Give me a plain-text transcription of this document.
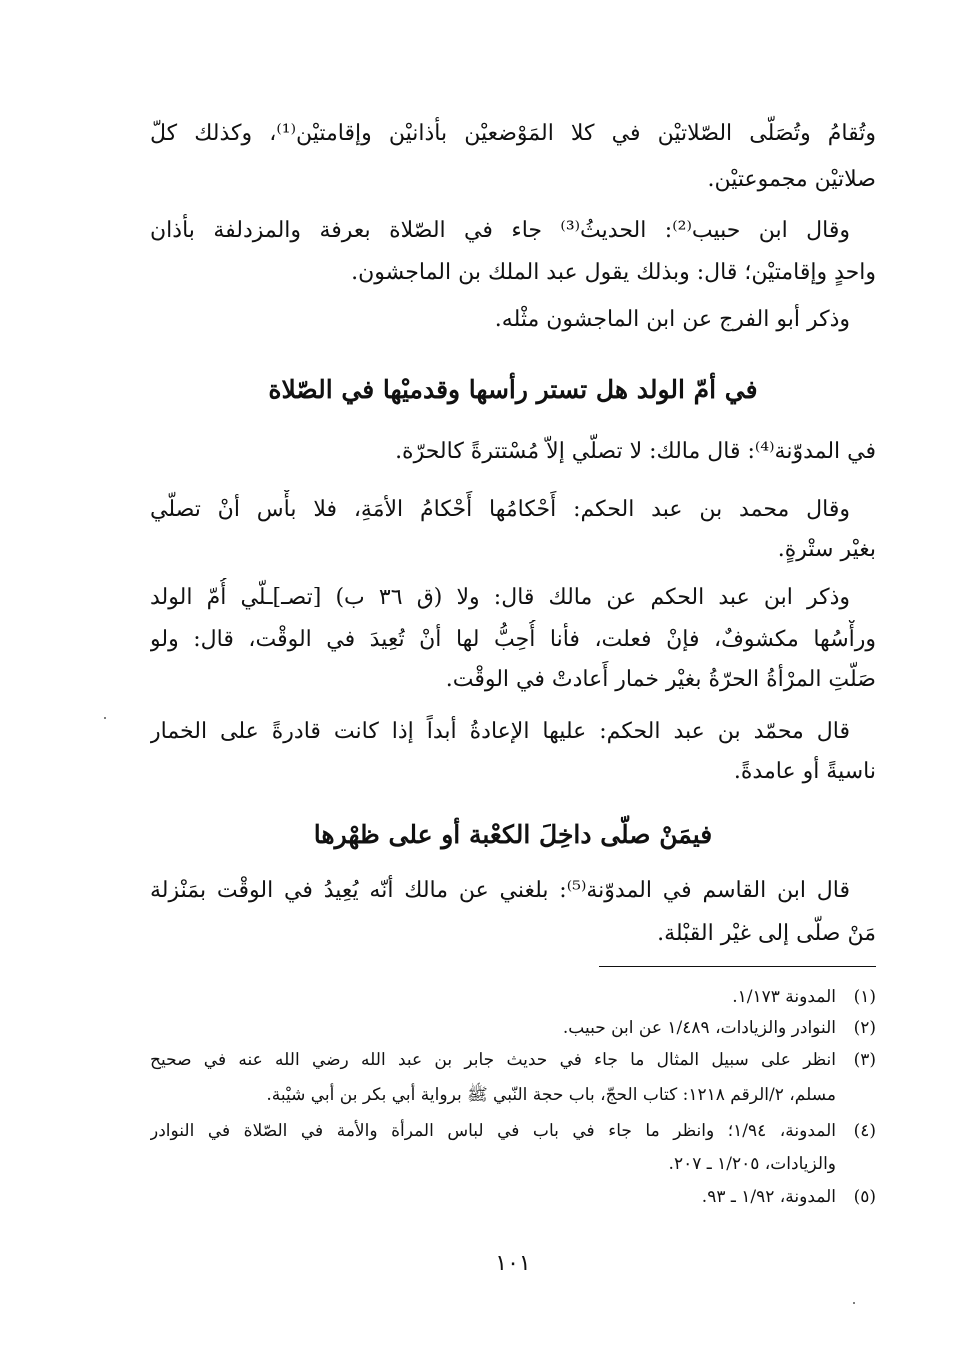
وتُقامُ وتُصَلّى الصّلاتيْن في كلا المَوْضعيْن بأذانيْن وإقامتيْن⁽¹⁾، وكذلك كلّ
صلاتيْن مجموعتيْن.
وقال ابن حبيب⁽²⁾: الحديثُ⁽³⁾ جاء في الصّلاة بعرفة والمزدلفة بأذان
واحدٍ وإقامتيْن؛ قال: وبذلك يقول عبد الملك بن الماجشون.
وذكر أبو الفرج عن ابن الماجشون مثْله.
في أمّ الولد هل تستر رأسها وقدميْها في الصّلاة
في المدوّنة⁽⁴⁾: قال مالك: لا تصلّي إلاّ مُسْتترةً كالحرّة.
وقال محمد بن عبد الحكم: أَحْكامُها أَحْكامُ الأمَةِ، فلا بأْس أنْ تصلّي
بغيْر ستْرةٍ.
وذكر ابن عبد الحكم عن مالك قال: ولا (ق ٣٦ ب) [تصـ]ـلّي أُمّ الولد
ورأْسُها مكشوفٌ، فإنْ فعلت، فأنا أُحِبُّ لها أنْ تُعِيدَ في الوقْت، قال: ولو
صَلّتِ المرْأةُ الحرّةُ بغيْر خمار أَعادتْ في الوقْت.
قال محمّد بن عبد الحكم: عليها الإعادةُ أبداً إذا كانت قادرةً على الخمار
ناسيةً أو عامدةً.
فيمَنْ صلّى داخِلَ الكعْبة أو على ظهْرها
قال ابن القاسم في المدوّنة⁽⁵⁾: بلغني عن مالك أنّه يُعِيدُ في الوقْت بمَنْزلة
مَنْ صلّى إلى غيْر القبْلة.
(١)
المدونة ١/١٧٣.
(٢)
النوادر والزيادات، ١/٤٨٩ عن ابن حبيب.
(٣)
انظر على سبيل المثال ما جاء في حديث جابر بن عبد الله رضي الله عنه في صحيح
مسلم، ٢/الرقم ١٢١٨: كتاب الحجّ، باب حجة النّبي ﷺ برواية أبي بكر بن أبي شيْبة.
(٤)
المدونة، ١/٩٤؛ وانظر ما جاء في باب في لباس المرأة والأمة في الصّلاة في النوادر
والزيادات، ١/٢٠٥ ـ ٢٠٧.
(٥)
المدونة، ١/٩٢ ـ ٩٣.
١٠١
